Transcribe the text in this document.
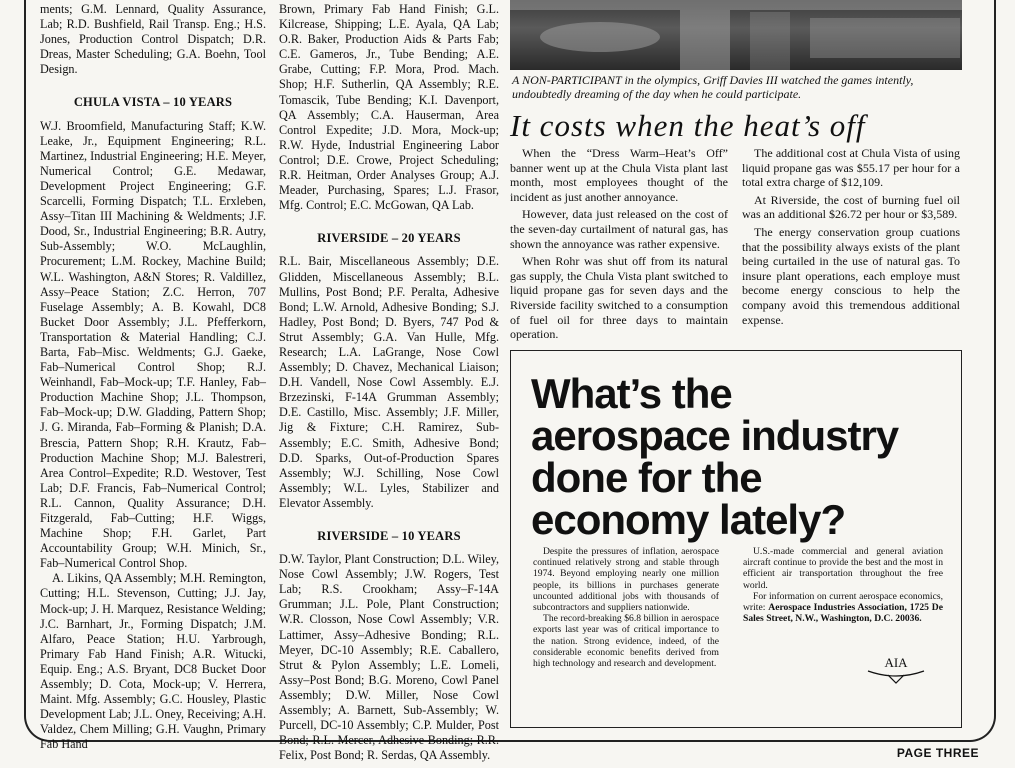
ments; G.M. Lennard, Quality Assurance, Lab; R.D. Bushfield, Rail Transp. Eng.; H.S. Jones, Production Control Dispatch; D.R. Dreas, Master Scheduling; G.A. Boehn, Tool Design.

CHULA VISTA – 10 YEARS

W.J. Broomfield, Manufacturing Staff; K.W. Leake, Jr., Equipment Engineering; R.L. Martinez, Industrial Engineering; H.E. Meyer, Numerical Control; G.E. Medawar, Development Project Engineering; G.F. Scarcelli, Forming Dispatch; T.L. Erxleben, Assy–Titan III Machining & Weldments; J.F. Dood, Sr., Industrial Engineering; B.R. Autry, Sub-Assembly; W.O. McLaughlin, Procurement; L.M. Rockey, Machine Build; W.L. Washington, A&N Stores; R. Valdillez, Assy–Peace Station; Z.C. Herron, 707 Fuselage Assembly; A. B. Kowahl, DC8 Bucket Door Assembly; J.L. Pfefferkorn, Transportation & Material Handling; C.J. Barta, Fab–Misc. Weldments; G.J. Gaeke, Fab–Numerical Control Shop; R.J. Weinhandl, Fab–Mock-up; T.F. Hanley, Fab–Production Machine Shop; J.L. Thompson, Fab–Mock-up; D.W. Gladding, Pattern Shop; J. G. Miranda, Fab–Forming & Planish; D.A. Brescia, Pattern Shop; R.H. Krautz, Fab–Production Machine Shop; M.J. Balestreri, Area Control–Expedite; R.D. Westover, Test Lab; D.F. Francis, Fab–Numerical Control; R.L. Cannon, Quality Assurance; D.H. Fitzgerald, Fab–Cutting; H.F. Wiggs, Machine Shop; F.H. Garlet, Part Accountability Group; W.H. Minich, Sr., Fab–Numerical Control Shop.

A. Likins, QA Assembly; M.H. Remington, Cutting; H.L. Stevenson, Cutting; J.J. Jay, Mock-up; J. H. Marquez, Resistance Welding; J.C. Barnhart, Jr., Forming Dispatch; J.M. Alfaro, Peace Station; H.U. Yarbrough, Primary Fab Hand Finish; A.R. Witucki, Equip. Eng.; A.S. Bryant, DC8 Bucket Door Assembly; D. Cota, Mock-up; V. Herrera, Maint. Mfg. Assembly; G.C. Housley, Plastic Development Lab; J.L. Oney, Receiving; A.H. Valdez, Chem Milling; G.H. Vaughn, Primary Fab Hand

Brown, Primary Fab Hand Finish; G.L. Kilcrease, Shipping; L.E. Ayala, QA Lab; O.R. Baker, Production Aids & Parts Fab; C.E. Gameros, Jr., Tube Bending; A.E. Grabe, Cutting; F.P. Mora, Prod. Mach. Shop; H.F. Sutherlin, QA Assembly; R.E. Tomascik, Tube Bending; K.I. Davenport, QA Assembly; C.A. Hauserman, Area Control Expedite; J.D. Mora, Mock-up; R.W. Hyde, Industrial Engineering Labor Control; D.E. Crowe, Project Scheduling; R.R. Heitman, Order Analyses Group; A.J. Meader, Purchasing, Spares; L.J. Frasor, Mfg. Control; E.C. McGowan, QA Lab.

RIVERSIDE – 20 YEARS

R.L. Bair, Miscellaneous Assembly; D.E. Glidden, Miscellaneous Assembly; B.L. Mullins, Post Bond; P.F. Peralta, Adhesive Bond; L.W. Arnold, Adhesive Bonding; S.J. Hadley, Post Bond; D. Byers, 747 Pod & Strut Assembly; G.A. Van Hulle, Mfg. Research; L.A. LaGrange, Nose Cowl Assembly; D. Chavez, Mechanical Liaison; D.H. Vandell, Nose Cowl Assembly. E.J. Brzezinski, F-14A Grumman Assembly; D.E. Castillo, Misc. Assembly; J.F. Miller, Jig & Fixture; C.H. Ramirez, Sub-Assembly; E.C. Smith, Adhesive Bond; D.D. Sparks, Out-of-Production Spares Assembly; W.J. Schilling, Nose Cowl Assembly; W.L. Lyles, Stabilizer and Elevator Assembly.

RIVERSIDE – 10 YEARS

D.W. Taylor, Plant Construction; D.L. Wiley, Nose Cowl Assembly; J.W. Rogers, Test Lab; R.S. Crookham; Assy–F-14A Grumman; J.L. Pole, Plant Construction; W.R. Closson, Nose Cowl Assembly; V.R. Lattimer, Assy–Adhesive Bonding; R.L. Meyer, DC-10 Assembly; R.E. Caballero, Strut & Pylon Assembly; L.E. Lomeli, Assy–Post Bond; B.G. Moreno, Cowl Panel Assembly; D.W. Miller, Nose Cowl Assembly; A. Barnett, Sub-Assembly; W. Purcell, DC-10 Assembly; C.P. Mulder, Post Bond; R.L. Mercer, Adhesive Bonding; R.R. Felix, Post Bond; R. Serdas, QA Assembly.

A NON-PARTICIPANT in the olympics, Griff Davies III watched the games intently, undoubtedly dreaming of the day when he could participate.
It costs when the heat’s off

When the “Dress Warm–Heat’s Off” banner went up at the Chula Vista plant last month, most employees thought of the incident as just another annoyance.

However, data just released on the cost of the seven-day curtailment of natural gas, has shown the annoyance was rather expensive.

When Rohr was shut off from its natural gas supply, the Chula Vista plant switched to liquid propane gas for seven days and the Riverside facility switched to a consumption of fuel oil for three days to maintain operation.

The additional cost at Chula Vista of using liquid propane gas was $55.17 per hour for a total extra charge of $12,109.

At Riverside, the cost of burning fuel oil was an additional $26.72 per hour or $3,589.

The energy conservation group cuations that the possibility always exists of the plant being curtailed in the use of natural gas. To insure plant operations, each employe must become energy conscious to help the company avoid this tremendous additional expense.

What’s the
aerospace industry
done for the
economy lately?

Despite the pressures of inflation, aerospace continued relatively strong and stable through 1974. Beyond employing nearly one million people, its billions in purchases generate uncounted additional jobs with thousands of subcontractors and suppliers nationwide.

The record-breaking $6.8 billion in aerospace exports last year was of critical importance to the nation. Strong evidence, indeed, of the considerable economic benefits derived from high technology and research and development.

U.S.-made commercial and general aviation aircraft continue to provide the best and the most in efficient air transportation throughout the free world.

For information on current aerospace economics, write: Aerospace Industries Association, 1725 De Sales Street, N.W., Washington, D.C. 20036.

AIA
PAGE THREE
